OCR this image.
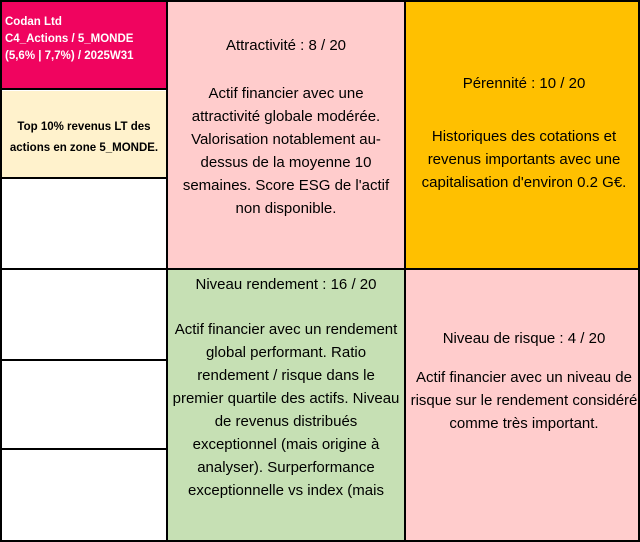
Codan Ltd
C4_Actions / 5_MONDE
(5,6% | 7,7%) / 2025W31
Top 10% revenus LT des actions en zone 5_MONDE.
Attractivité : 8 / 20
Actif financier avec une attractivité globale modérée. Valorisation notablement au-dessus de la moyenne 10 semaines. Score ESG de l'actif non disponible.
Pérennité : 10 / 20
Historiques des cotations et revenus importants avec une capitalisation d'environ 0.2 G€.
Niveau rendement : 16 / 20
Actif financier avec un rendement global performant. Ratio rendement / risque dans le premier quartile des actifs. Niveau de revenus distribués exceptionnel (mais origine à analyser). Surperformance exceptionnelle vs index (mais
Niveau de risque : 4 / 20
Actif financier avec un niveau de risque sur le rendement considéré comme très important.
